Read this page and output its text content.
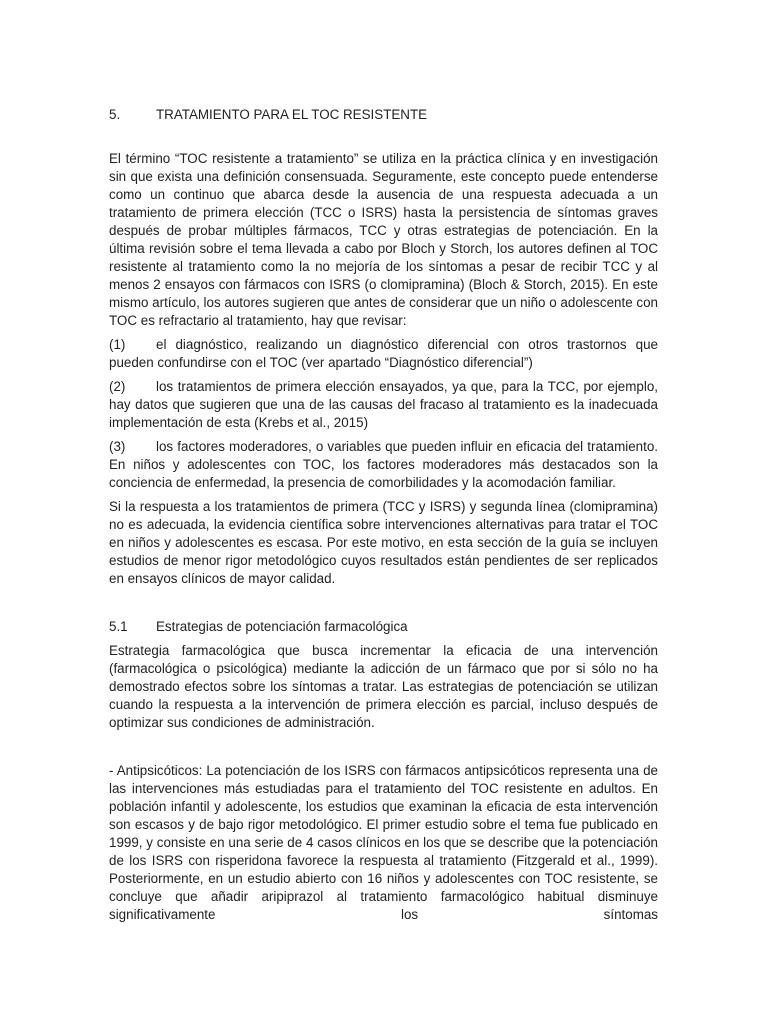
5.	TRATAMIENTO PARA EL TOC RESISTENTE

El término “TOC resistente a tratamiento” se utiliza en la práctica clínica y en investigación sin que exista una definición consensuada. Seguramente, este concepto puede entenderse como un continuo que abarca desde la ausencia de una respuesta adecuada a un tratamiento de primera elección (TCC o ISRS) hasta la persistencia de síntomas graves después de probar múltiples fármacos, TCC y otras estrategias de potenciación. En la última revisión sobre el tema llevada a cabo por Bloch y Storch, los autores definen al TOC resistente al tratamiento como la no mejoría de los síntomas a pesar de recibir TCC y al menos 2 ensayos con fármacos con ISRS (o clomipramina) (Bloch & Storch, 2015). En este mismo artículo, los autores sugieren que antes de considerar que un niño o adolescente con TOC es refractario al tratamiento, hay que revisar:

(1) el diagnóstico, realizando un diagnóstico diferencial con otros trastornos que pueden confundirse con el TOC (ver apartado “Diagnóstico diferencial”)
(2) los tratamientos de primera elección ensayados, ya que, para la TCC, por ejemplo, hay datos que sugieren que una de las causas del fracaso al tratamiento es la inadecuada implementación de esta (Krebs et al., 2015)
(3) los factores moderadores, o variables que pueden influir en eficacia del tratamiento. En niños y adolescentes con TOC, los factores moderadores más destacados son la conciencia de enfermedad, la presencia de comorbilidades y la acomodación familiar.

Si la respuesta a los tratamientos de primera (TCC y ISRS) y segunda línea (clomipramina) no es adecuada, la evidencia científica sobre intervenciones alternativas para tratar el TOC en niños y adolescentes es escasa. Por este motivo, en esta sección de la guía se incluyen estudios de menor rigor metodológico cuyos resultados están pendientes de ser replicados en ensayos clínicos de mayor calidad.

5.1	Estrategias de potenciación farmacológica

Estrategia farmacológica que busca incrementar la eficacia de una intervención (farmacológica o psicológica) mediante la adicción de un fármaco que por si sólo no ha demostrado efectos sobre los síntomas a tratar. Las estrategias de potenciación se utilizan cuando la respuesta a la intervención de primera elección es parcial, incluso después de optimizar sus condiciones de administración.

- Antipsicóticos: La potenciación de los ISRS con fármacos antipsicóticos representa una de las intervenciones más estudiadas para el tratamiento del TOC resistente en adultos. En población infantil y adolescente, los estudios que examinan la eficacia de esta intervención son escasos y de bajo rigor metodológico. El primer estudio sobre el tema fue publicado en 1999, y consiste en una serie de 4 casos clínicos en los que se describe que la potenciación de los ISRS con risperidona favorece la respuesta al tratamiento (Fitzgerald et al., 1999). Posteriormente, en un estudio abierto con 16 niños y adolescentes con TOC resistente, se concluye que añadir aripiprazol al tratamiento farmacológico habitual disminuye significativamente los síntomas
